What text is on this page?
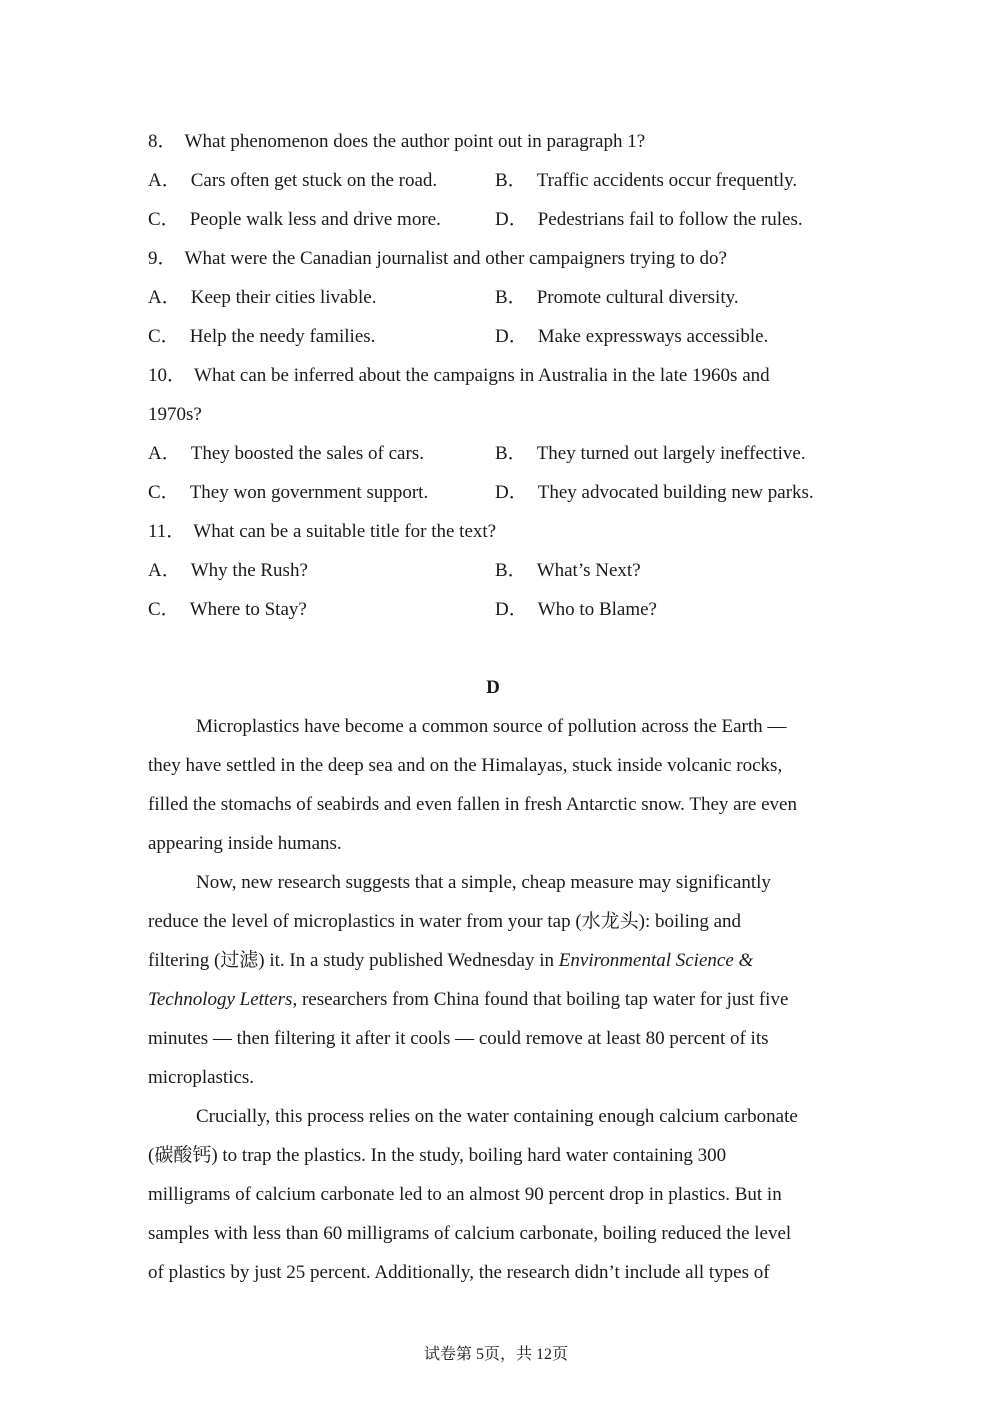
8． What phenomenon does the author point out in paragraph 1?
A． Cars often get stuck on the road.	B． Traffic accidents occur frequently.
C． People walk less and drive more.	D． Pedestrians fail to follow the rules.
9． What were the Canadian journalist and other campaigners trying to do?
A． Keep their cities livable.	B． Promote cultural diversity.
C． Help the needy families.	D． Make expressways accessible.
10． What can be inferred about the campaigns in Australia in the late 1960s and
1970s?
A． They boosted the sales of cars.	B． They turned out largely ineffective.
C． They won government support.	D． They advocated building new parks.
11． What can be a suitable title for the text?
A． Why the Rush?	B． What’s Next?
C． Where to Stay?	D． Who to Blame?
D
Microplastics have become a common source of pollution across the Earth —
they have settled in the deep sea and on the Himalayas, stuck inside volcanic rocks,
filled the stomachs of seabirds and even fallen in fresh Antarctic snow. They are even
appearing inside humans.
Now, new research suggests that a simple, cheap measure may significantly
reduce the level of microplastics in water from your tap (水龙头): boiling and
filtering (过滤) it. In a study published Wednesday in Environmental Science &
Technology Letters, researchers from China found that boiling tap water for just five
minutes — then filtering it after it cools — could remove at least 80 percent of its
microplastics.
Crucially, this process relies on the water containing enough calcium carbonate
(碳酸钙) to trap the plastics. In the study, boiling hard water containing 300
milligrams of calcium carbonate led to an almost 90 percent drop in plastics. But in
samples with less than 60 milligrams of calcium carbonate, boiling reduced the level
of plastics by just 25 percent. Additionally, the research didn’t include all types of
试卷第 5页，共 12页
